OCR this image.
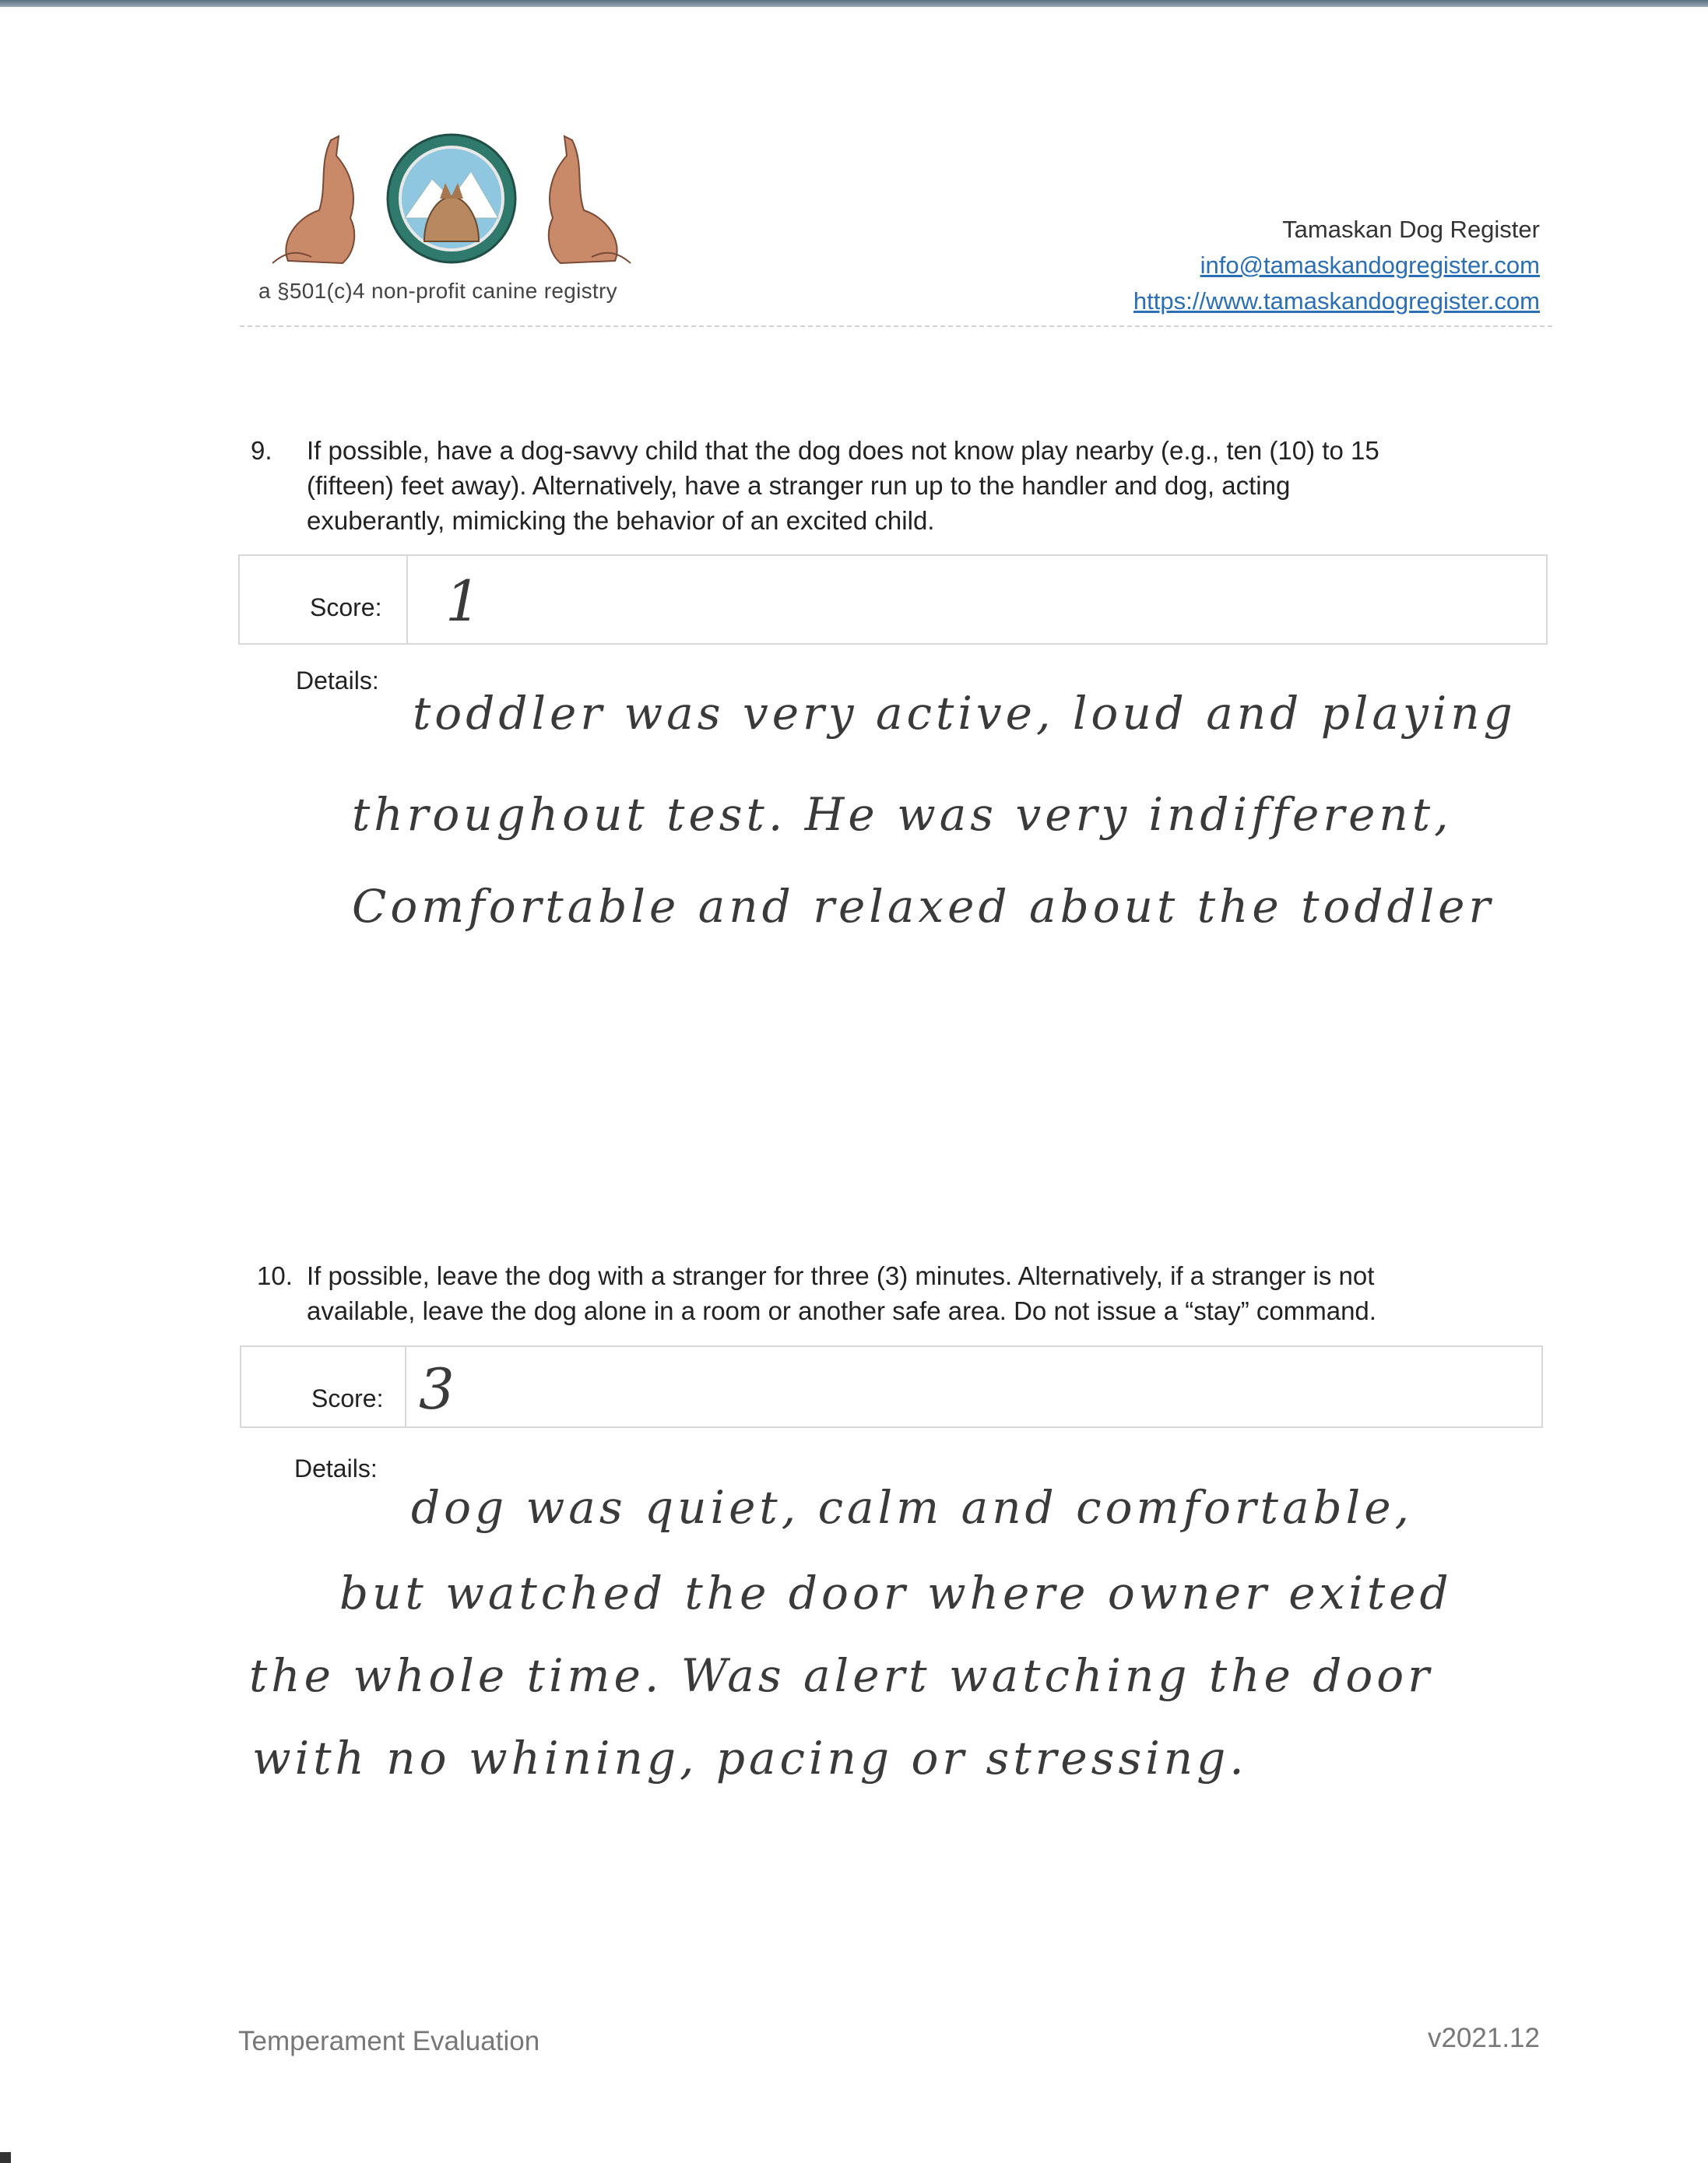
a §501(c)4 non-profit canine registry
Tamaskan Dog Register
info@tamaskandogregister.com
https://www.tamaskandogregister.com
9. If possible, have a dog-savvy child that the dog does not know play nearby (e.g., ten (10) to 15
(fifteen) feet away). Alternatively, have a stranger run up to the handler and dog, acting
exuberantly, mimicking the behavior of an excited child.
Score: 1
Details:
toddler was very active, loud and playing
throughout test. He was very indifferent,
Comfortable and relaxed about the toddler
10. If possible, leave the dog with a stranger for three (3) minutes. Alternatively, if a stranger is not
available, leave the dog alone in a room or another safe area. Do not issue a “stay” command.
Score: 3
Details:
dog was quiet, calm and comfortable,
but watched the door where owner exited
the whole time. Was alert watching the door
with no whining, pacing or stressing.
Temperament Evaluation	v2021.12
